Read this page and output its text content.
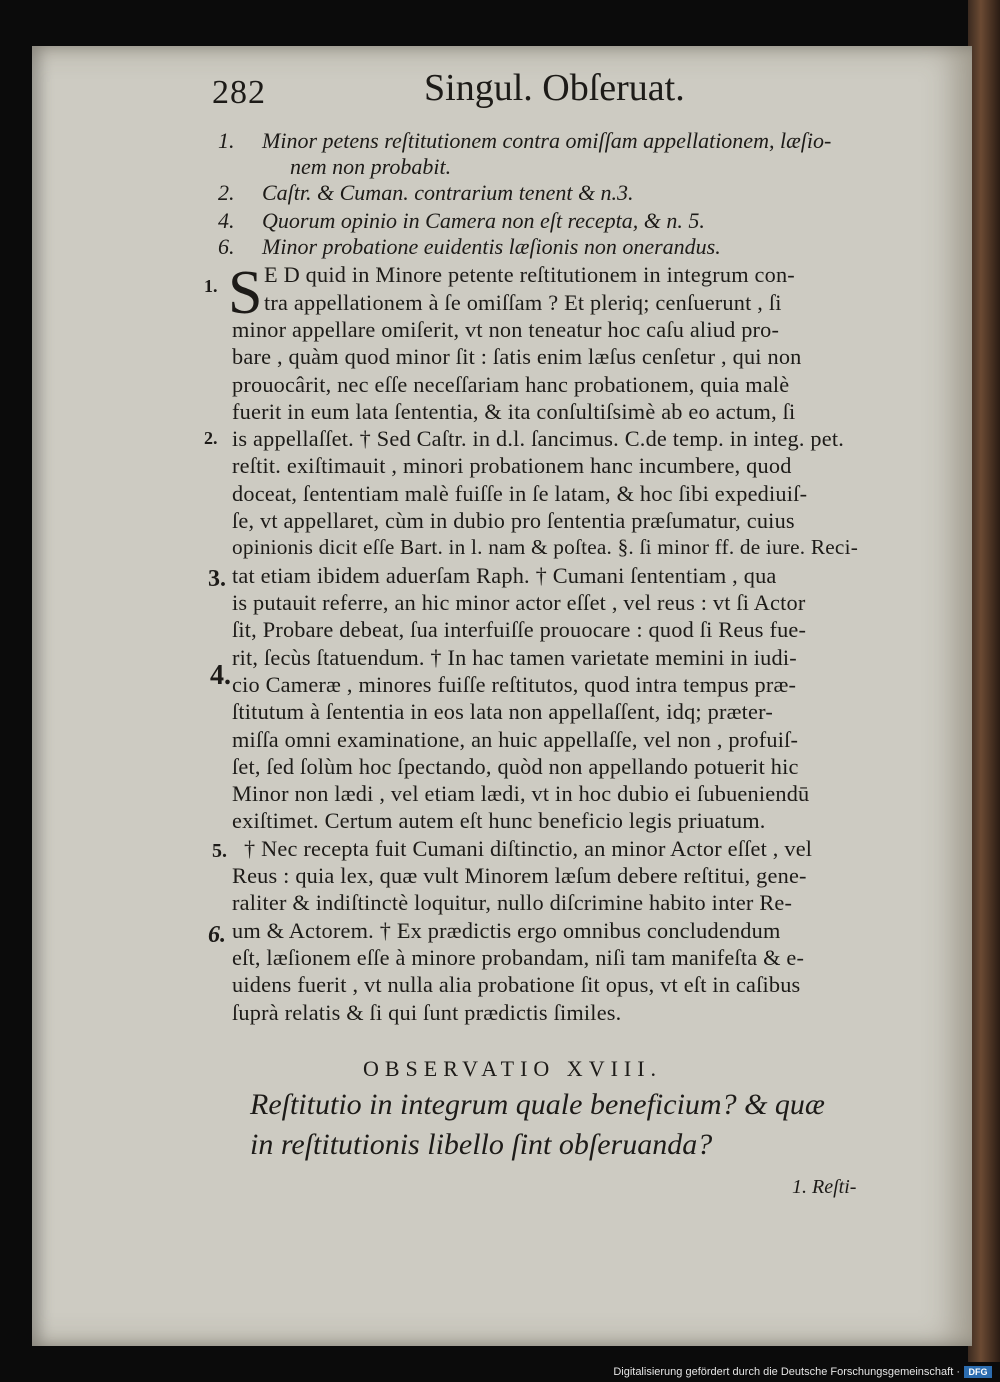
282	Singul. Obſeruat.
1. Minor petens reſtitutionem contra omiſſam appellationem, læſio-
nem non probabit.
2. Caſtr. & Cuman. contrarium tenent & n.3.
4. Quorum opinio in Camera non eſt recepta, & n. 5.
6. Minor probatione euidentis læſionis non onerandus.
S E D quid in Minore petente reſtitutionem in integrum con-
tra appellationem à ſe omiſſam ? Et pleriq; cenſuerunt , ſi
minor appellare omiſerit, vt non teneatur hoc caſu aliud pro-
bare , quàm quod minor ſit : ſatis enim læſus cenſetur , qui non
prouocârit, nec eſſe neceſſariam hanc probationem, quia malè
fuerit in eum lata ſententia, & ita conſultiſsimè ab eo actum, ſi
is appellaſſet. † Sed Caſtr. in d.l. ſancimus. C.de temp. in integ. pet.
reſtit. exiſtimauit , minori probationem hanc incumbere, quod
doceat, ſententiam malè fuiſſe in ſe latam, & hoc ſibi expediuiſ-
ſe, vt appellaret, cùm in dubio pro ſententia præſumatur, cuius
opinionis dicit eſſe Bart. in l. nam & poſtea. §. ſi minor ff. de iure. Reci-
tat etiam ibidem aduerſam Raph. † Cumani ſententiam , qua
is putauit referre, an hic minor actor eſſet , vel reus : vt ſi Actor
ſit, Probare debeat, ſua interfuiſſe prouocare : quod ſi Reus fue-
rit, ſecùs ſtatuendum. † In hac tamen varietate memini in iudi-
cio Cameræ , minores fuiſſe reſtitutos, quod intra tempus præ-
ſtitutum à ſententia in eos lata non appellaſſent, idq; præter-
miſſa omni examinatione, an huic appellaſſe, vel non , profuiſ-
ſet, ſed ſolùm hoc ſpectando, quòd non appellando potuerit hic
Minor non lædi , vel etiam lædi, vt in hoc dubio ei ſubueniendū
exiſtimet. Certum autem eſt hunc beneficio legis priuatum.
† Nec recepta fuit Cumani diſtinctio, an minor Actor eſſet , vel
Reus : quia lex, quæ vult Minorem læſum debere reſtitui, gene-
raliter & indiſtinctè loquitur, nullo diſcrimine habito inter Re-
um & Actorem. † Ex prædictis ergo omnibus concludendum
eſt, læſionem eſſe à minore probandam, niſi tam manifeſta & e-
uidens fuerit , vt nulla alia probatione ſit opus, vt eſt in caſibus
ſuprà relatis & ſi qui ſunt prædictis ſimiles.
1.
2.
3.
4.
5.
6.
OBSERVATIO XVIII.
Reſtitutio in integrum quale beneficium? & quæ
in reſtitutionis libello ſint obſeruanda?
1. Reſti-
Digitalisierung gefördert durch die Deutsche Forschungsgemeinschaft · DFG
